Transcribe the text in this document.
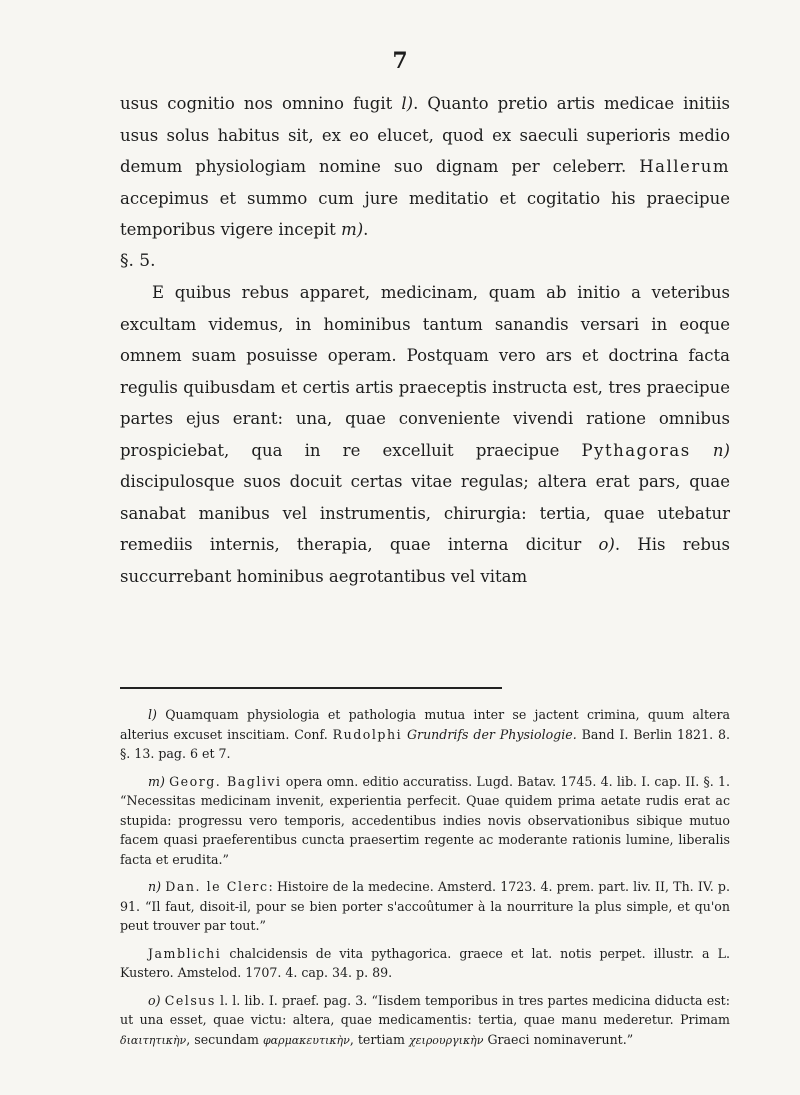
7

usus cognitio nos omnino fugit l). Quanto pretio artis medicae initiis usus solus habitus sit, ex eo elucet, quod ex saeculi superioris medio demum physiologiam nomine suo dignam per celeberr. Hallerum accepimus et summo cum jure meditatio et cogitatio his praecipue temporibus vigere incepit m).

§. 5.

E quibus rebus apparet, medicinam, quam ab initio a veteribus excultam videmus, in hominibus tantum sanandis versari in eoque omnem suam posuisse operam. Postquam vero ars et doctrina facta regulis quibusdam et certis artis praeceptis instructa est, tres praecipue partes ejus erant: una, quae conveniente vivendi ratione omnibus prospiciebat, qua in re excelluit praecipue Pythagoras n) discipulosque suos docuit certas vitae regulas; altera erat pars, quae sanabat manibus vel instrumentis, chirurgia: tertia, quae utebatur remediis internis, therapia, quae interna dicitur o). His rebus succurrebant hominibus aegrotantibus vel vitam

l) Quamquam physiologia et pathologia mutua inter se jactent crimina, quum altera alterius excuset inscitiam. Conf. Rudolphi Grundrifs der Physiologie. Band I. Berlin 1821. 8. §. 13. pag. 6 et 7.

m) Georg. Baglivi opera omn. editio accuratiss. Lugd. Batav. 1745. 4. lib. I. cap. II. §. 1. “Necessitas medicinam invenit, experientia perfecit. Quae quidem prima aetate rudis erat ac stupida: progressu vero temporis, accedentibus indies novis observationibus sibique mutuo facem quasi praeferentibus cuncta praesertim regente ac moderante rationis lumine, liberalis facta et erudita.”

n) Dan. le Clerc: Histoire de la medecine. Amsterd. 1723. 4. prem. part. liv. II, Th. IV. p. 91. “Il faut, disoit-il, pour se bien porter s'accoûtumer à la nourriture la plus simple, et qu'on peut trouver par tout.”

Jamblichi chalcidensis de vita pythagorica. graece et lat. notis perpet. illustr. a L. Kustero. Amstelod. 1707. 4. cap. 34. p. 89.

o) Celsus l. l. lib. I. praef. pag. 3. “Iisdem temporibus in tres partes medicina diducta est: ut una esset, quae victu: altera, quae medicamentis: tertia, quae manu mederetur. Primam διαιτητικὴν, secundam φαρμακευτικὴν, tertiam χειρουργικὴν Graeci nominaverunt.”
